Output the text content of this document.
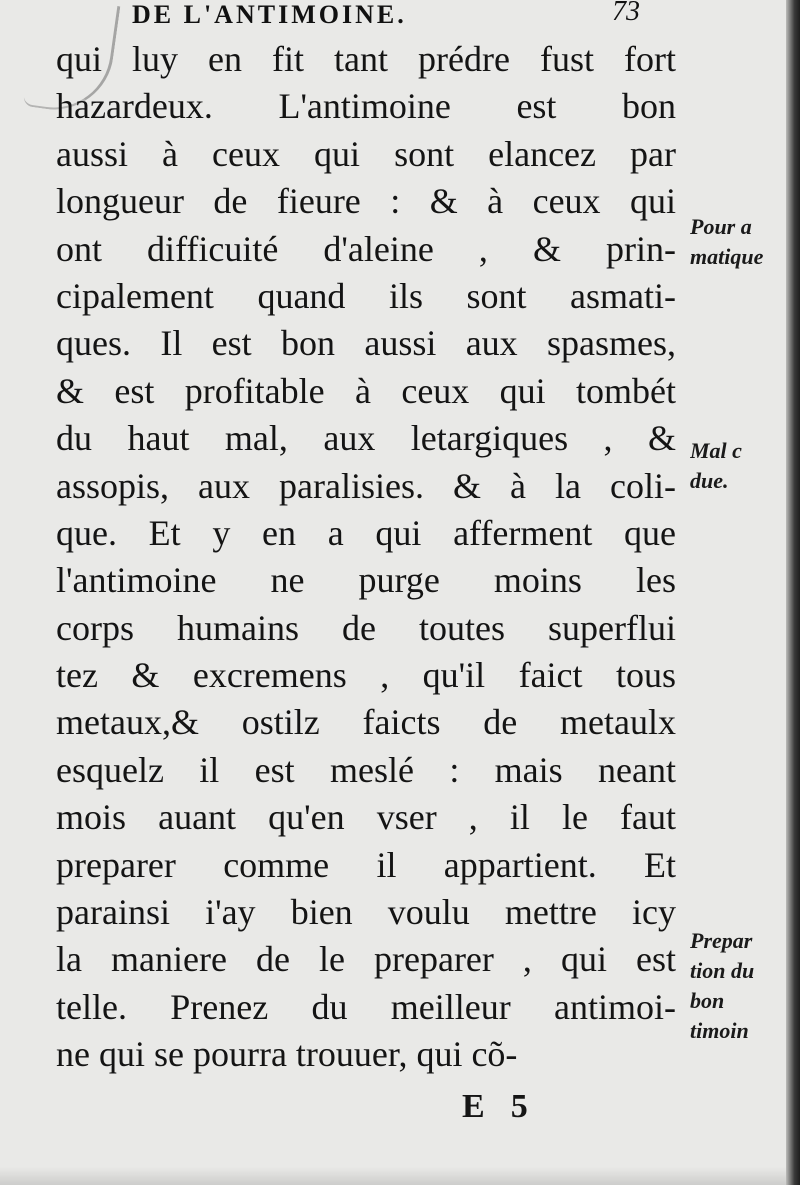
DE L'ANTIMOINE.	73
qui luy en fit tant prédre fust fort
hazardeux. L'antimoine est bon
aussi à ceux qui sont elancez par
longueur de fieure : & à ceux qui
ont difficuité d'aleine , & prin-
cipalement quand ils sont asmati-
ques. Il est bon aussi aux spasmes,
& est profitable à ceux qui tombét
du haut mal, aux letargiques , &
assopis, aux paralisies. & à la coli-
que. Et y en a qui afferment que
l'antimoine ne purge moins les
corps humains de toutes superflui
tez & excremens , qu'il faict tous
metaux,& ostilz faicts de metaulx
esquelz il est meslé : mais neant
mois auant qu'en vser , il le faut
preparer comme il appartient. Et
parainsi i'ay bien voulu mettre icy
la maniere de le preparer , qui est
telle. Prenez du meilleur antimoi-
ne qui se pourra trouuer, qui cõ-
Pour a
matique
Mal c
due.
Prepar
tion du
bon
timoin
E5
